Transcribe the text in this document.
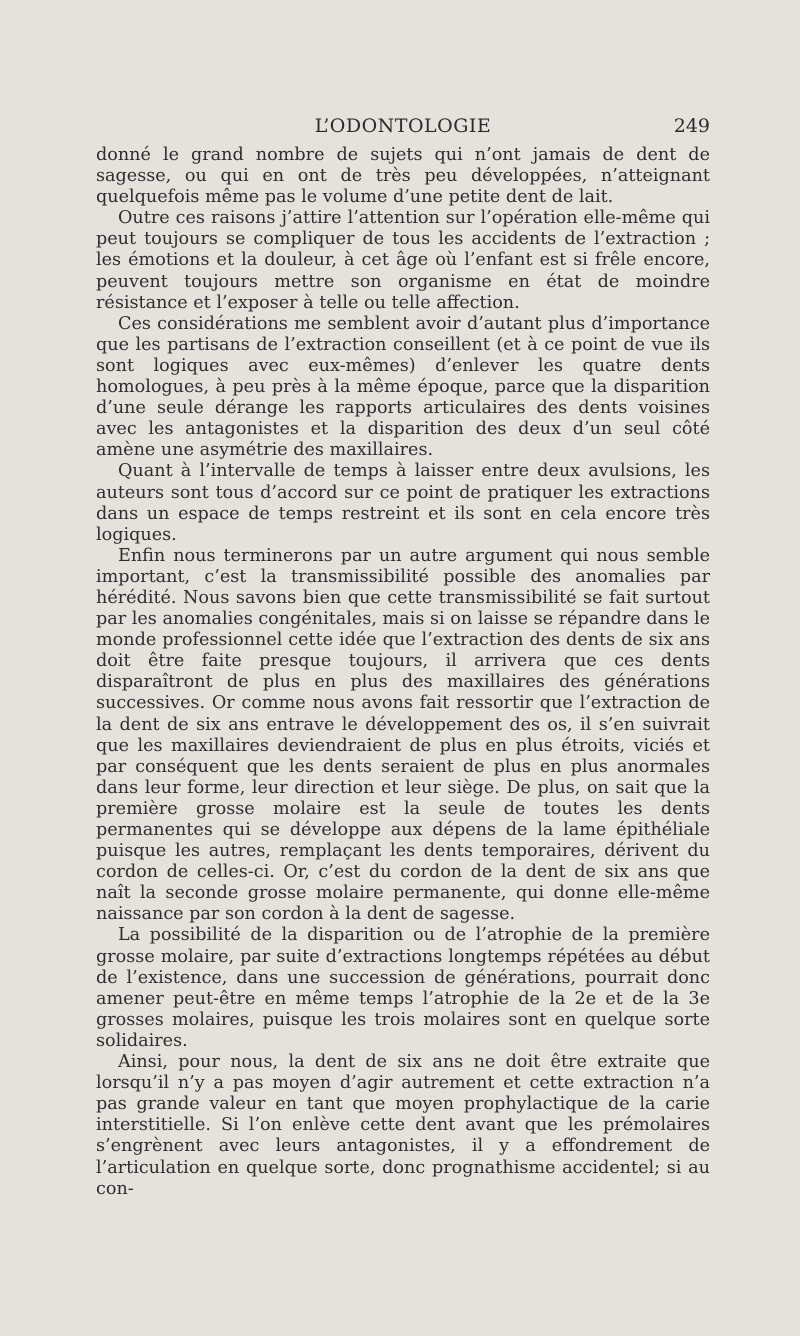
L’ODONTOLOGIE	249

donné le grand nombre de sujets qui n’ont jamais de dent de sagesse, ou qui en ont de très peu développées, n’atteignant quelquefois même pas le volume d’une petite dent de lait.

Outre ces raisons j’attire l’attention sur l’opération elle-même qui peut toujours se compliquer de tous les accidents de l’extraction ; les émotions et la douleur, à cet âge où l’enfant est si frêle encore, peuvent toujours mettre son organisme en état de moindre résistance et l’exposer à telle ou telle affection.

Ces considérations me semblent avoir d’autant plus d’importance que les partisans de l’extraction conseillent (et à ce point de vue ils sont logiques avec eux-mêmes) d’enlever les quatre dents homologues, à peu près à la même époque, parce que la disparition d’une seule dérange les rapports articulaires des dents voisines avec les antagonistes et la disparition des deux d’un seul côté amène une asymétrie des maxillaires.

Quant à l’intervalle de temps à laisser entre deux avulsions, les auteurs sont tous d’accord sur ce point de pratiquer les extractions dans un espace de temps restreint et ils sont en cela encore très logiques.

Enfin nous terminerons par un autre argument qui nous semble important, c’est la transmissibilité possible des anomalies par hérédité. Nous savons bien que cette transmissibilité se fait surtout par les anomalies congénitales, mais si on laisse se répandre dans le monde professionnel cette idée que l’extraction des dents de six ans doit être faite presque toujours, il arrivera que ces dents disparaîtront de plus en plus des maxillaires des générations successives. Or comme nous avons fait ressortir que l’extraction de la dent de six ans entrave le développement des os, il s’en suivrait que les maxillaires deviendraient de plus en plus étroits, viciés et par conséquent que les dents seraient de plus en plus anormales dans leur forme, leur direction et leur siège. De plus, on sait que la première grosse molaire est la seule de toutes les dents permanentes qui se développe aux dépens de la lame épithéliale puisque les autres, remplaçant les dents temporaires, dérivent du cordon de celles-ci. Or, c’est du cordon de la dent de six ans que naît la seconde grosse molaire permanente, qui donne elle-même naissance par son cordon à la dent de sagesse.

La possibilité de la disparition ou de l’atrophie de la première grosse molaire, par suite d’extractions longtemps répétées au début de l’existence, dans une succession de générations, pourrait donc amener peut-être en même temps l’atrophie de la 2e et de la 3e grosses molaires, puisque les trois molaires sont en quelque sorte solidaires.

Ainsi, pour nous, la dent de six ans ne doit être extraite que lorsqu’il n’y a pas moyen d’agir autrement et cette extraction n’a pas grande valeur en tant que moyen prophylactique de la carie interstitielle. Si l’on enlève cette dent avant que les prémolaires s’engrènent avec leurs antagonistes, il y a effondrement de l’articulation en quelque sorte, donc prognathisme accidentel; si au con-
